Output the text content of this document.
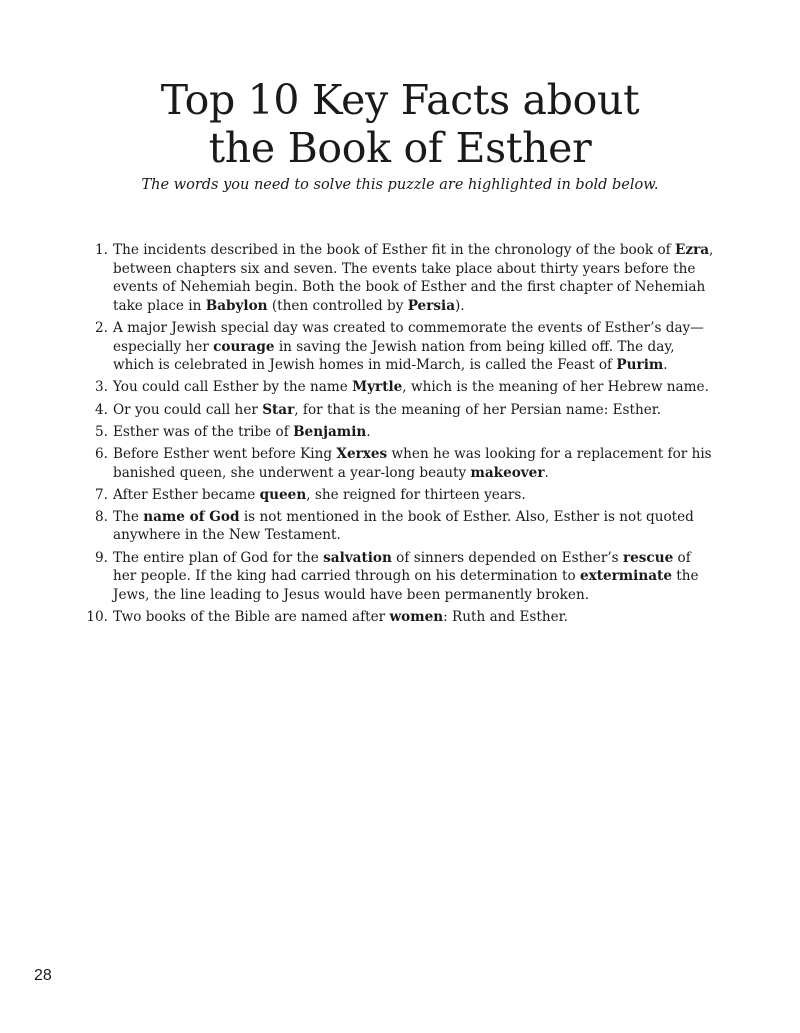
Top 10 Key Facts about
the Book of Esther

The words you need to solve this puzzle are highlighted in bold below.

1. The incidents described in the book of Esther fit in the chronology of the book of Ezra, between chapters six and seven. The events take place about thirty years before the events of Nehemiah begin. Both the book of Esther and the first chapter of Nehemiah take place in Babylon (then controlled by Persia).
2. A major Jewish special day was created to commemorate the events of Esther’s day—especially her courage in saving the Jewish nation from being killed off. The day, which is celebrated in Jewish homes in mid-March, is called the Feast of Purim.
3. You could call Esther by the name Myrtle, which is the meaning of her Hebrew name.
4. Or you could call her Star, for that is the meaning of her Persian name: Esther.
5. Esther was of the tribe of Benjamin.
6. Before Esther went before King Xerxes when he was looking for a replacement for his banished queen, she underwent a year-long beauty makeover.
7. After Esther became queen, she reigned for thirteen years.
8. The name of God is not mentioned in the book of Esther. Also, Esther is not quoted anywhere in the New Testament.
9. The entire plan of God for the salvation of sinners depended on Esther’s rescue of her people. If the king had carried through on his determination to exterminate the Jews, the line leading to Jesus would have been permanently broken.
10. Two books of the Bible are named after women: Ruth and Esther.
28
